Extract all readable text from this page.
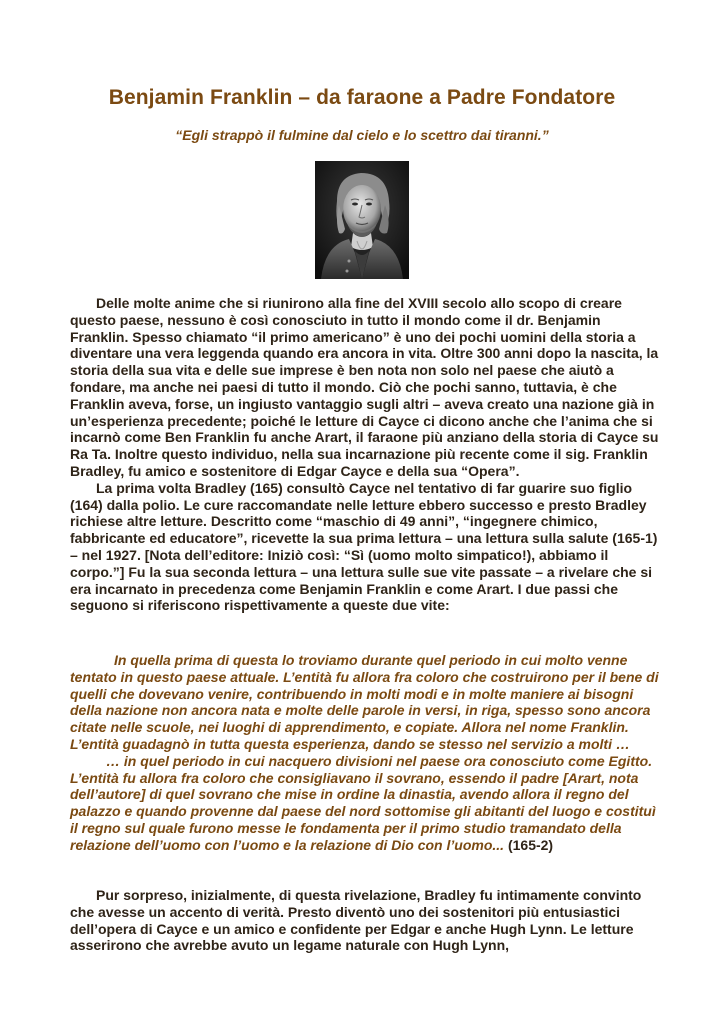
Benjamin Franklin – da faraone a Padre Fondatore
“Egli strappò il fulmine dal cielo e lo scettro dai tiranni.”

Delle molte anime che si riunirono alla fine del XVIII secolo allo scopo di creare questo paese, nessuno è così conosciuto in tutto il mondo come il dr. Benjamin Franklin. Spesso chiamato “il primo americano” è uno dei pochi uomini della storia a diventare una vera leggenda quando era ancora in vita. Oltre 300 anni dopo la nascita, la storia della sua vita e delle sue imprese è ben nota non solo nel paese che aiutò a fondare, ma anche nei paesi di tutto il mondo. Ciò che pochi sanno, tuttavia, è che Franklin aveva, forse, un ingiusto vantaggio sugli altri – aveva creato una nazione già in un’esperienza precedente; poiché le letture di Cayce ci dicono anche che l’anima che si incarnò come Ben Franklin fu anche Arart, il faraone più anziano della storia di Cayce su Ra Ta. Inoltre questo individuo, nella sua incarnazione più recente come il sig. Franklin Bradley, fu amico e sostenitore di Edgar Cayce e della sua “Opera”.

La prima volta Bradley (165) consultò Cayce nel tentativo di far guarire suo figlio (164) dalla polio. Le cure raccomandate nelle letture ebbero successo e presto Bradley richiese altre letture. Descritto come “maschio di 49 anni”, “ingegnere chimico, fabbricante ed educatore”, ricevette la sua prima lettura – una lettura sulla salute (165-1) – nel 1927. [Nota dell’editore: Iniziò così: “Sì (uomo molto simpatico!), abbiamo il corpo.”] Fu la sua seconda lettura – una lettura sulle sue vite passate – a rivelare che si era incarnato in precedenza come Benjamin Franklin e come Arart. I due passi che seguono si riferiscono rispettivamente a queste due vite:

In quella prima di questa lo troviamo durante quel periodo in cui molto venne tentato in questo paese attuale. L’entità fu allora fra coloro che costruirono per il bene di quelli che dovevano venire, contribuendo in molti modi e in molte maniere ai bisogni della nazione non ancora nata e molte delle parole in versi, in riga, spesso sono ancora citate nelle scuole, nei luoghi di apprendimento, e copiate. Allora nel nome Franklin. L’entità guadagnò in tutta questa esperienza, dando se stesso nel servizio a molti …

… in quel periodo in cui nacquero divisioni nel paese ora conosciuto come Egitto. L’entità fu allora fra coloro che consigliavano il sovrano, essendo il padre [Arart, nota dell’autore] di quel sovrano che mise in ordine la dinastia, avendo allora il regno del palazzo e quando provenne dal paese del nord sottomise gli abitanti del luogo e costituì il regno sul quale furono messe le fondamenta per il primo studio tramandato della relazione dell’uomo con l’uomo e la relazione di Dio con l’uomo... (165-2)

Pur sorpreso, inizialmente, di questa rivelazione, Bradley fu intimamente convinto che avesse un accento di verità. Presto diventò uno dei sostenitori più entusiastici dell’opera di Cayce e un amico e confidente per Edgar e anche Hugh Lynn. Le letture asserirono che avrebbe avuto un legame naturale con Hugh Lynn,
